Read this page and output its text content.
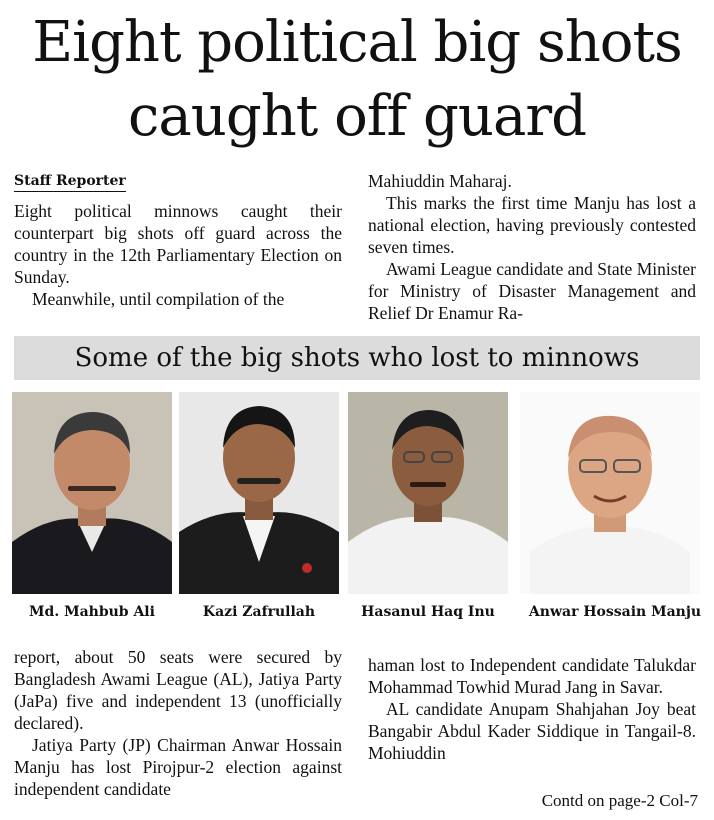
Eight political big shots
caught off guard
Staff Reporter

Eight political minnows caught their counterpart big shots off guard across the country in the 12th Parliamentary Election on Sunday.

Meanwhile, until compilation of the

Mahiuddin Maharaj.

This marks the first time Manju has lost a national election, having previously contested seven times.

Awami League candidate and State Minister for Ministry of Disaster Management and Relief Dr Enamur Ra-

Some of the big shots who lost to minnows
Md. Mahbub Ali	Kazi Zafrullah	Hasanul Haq Inu	Anwar Hossain Manju

report, about 50 seats were secured by Bangladesh Awami League (AL), Jatiya Party (JaPa) five and independent 13 (unofficially declared).

Jatiya Party (JP) Chairman Anwar Hossain Manju has lost Pirojpur-2 election against independent candidate

haman lost to Independent candidate Talukdar Mohammad Towhid Murad Jang in Savar.

AL candidate Anupam Shahjahan Joy beat Bangabir Abdul Kader Siddique in Tangail-8. Mohiuddin

Contd on page-2 Col-7
